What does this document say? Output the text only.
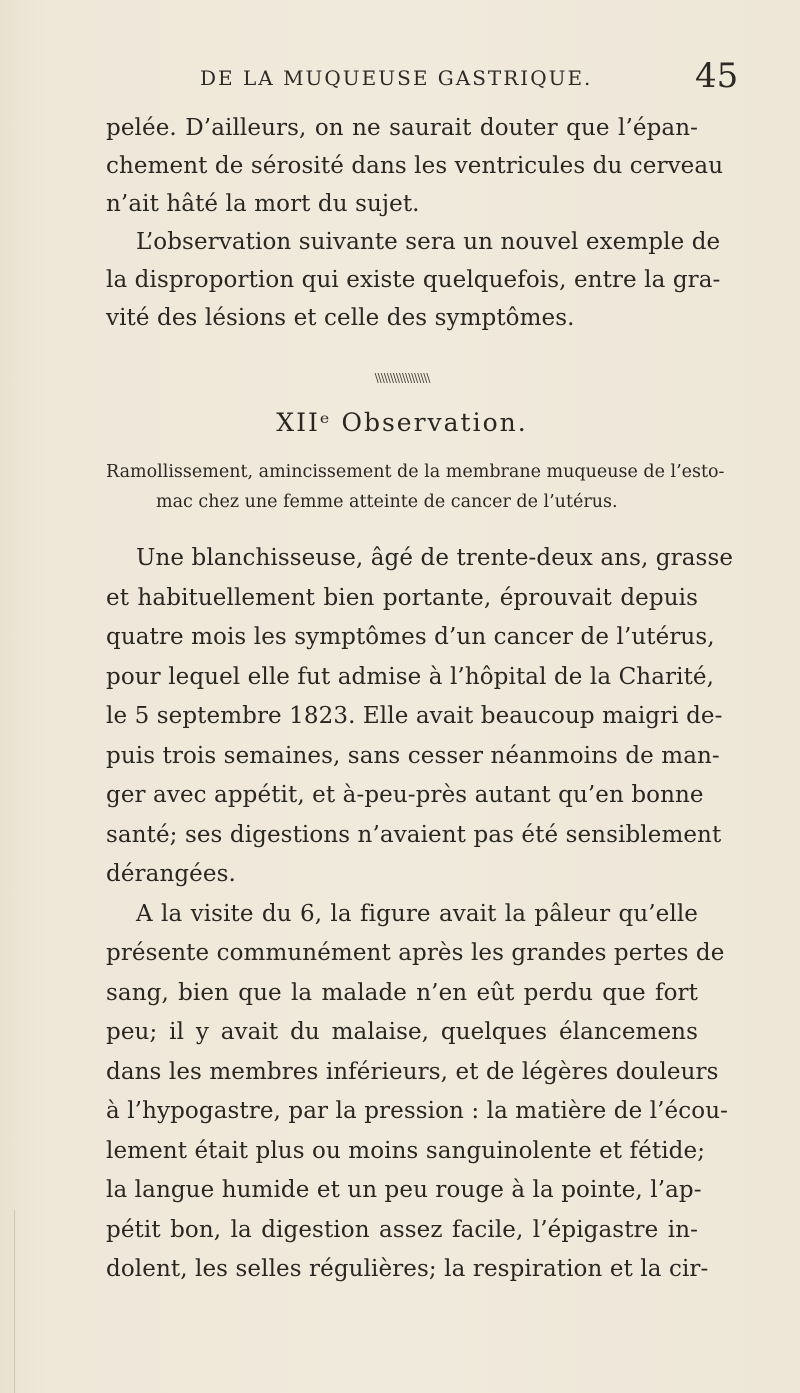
DE LA MUQUEUSE GASTRIQUE.	45
pelée. D’ailleurs, on ne saurait douter que l’épan-
chement de sérosité dans les ventricules du cerveau
n’ait hâté la mort du sujet.
L’observation suivante sera un nouvel exemple de
la disproportion qui existe quelquefois, entre la gra-
vité des lésions et celle des symptômes.
\\\\\\\\\\\\\\\\\\
XIIᵉ Observation.
Ramollissement, amincissement de la membrane muqueuse de l’esto-
mac chez une femme atteinte de cancer de l’utérus.
Une blanchisseuse, âgé de trente-deux ans, grasse
et habituellement bien portante, éprouvait depuis
quatre mois les symptômes d’un cancer de l’utérus,
pour lequel elle fut admise à l’hôpital de la Charité,
le 5 septembre 1823. Elle avait beaucoup maigri de-
puis trois semaines, sans cesser néanmoins de man-
ger avec appétit, et à-peu-près autant qu’en bonne
santé; ses digestions n’avaient pas été sensiblement
dérangées.
A la visite du 6, la figure avait la pâleur qu’elle
présente communément après les grandes pertes de
sang, bien que la malade n’en eût perdu que fort
peu; il y avait du malaise, quelques élancemens
dans les membres inférieurs, et de légères douleurs
à l’hypogastre, par la pression : la matière de l’écou-
lement était plus ou moins sanguinolente et fétide;
la langue humide et un peu rouge à la pointe, l’ap-
pétit bon, la digestion assez facile, l’épigastre in-
dolent, les selles régulières; la respiration et la cir-
